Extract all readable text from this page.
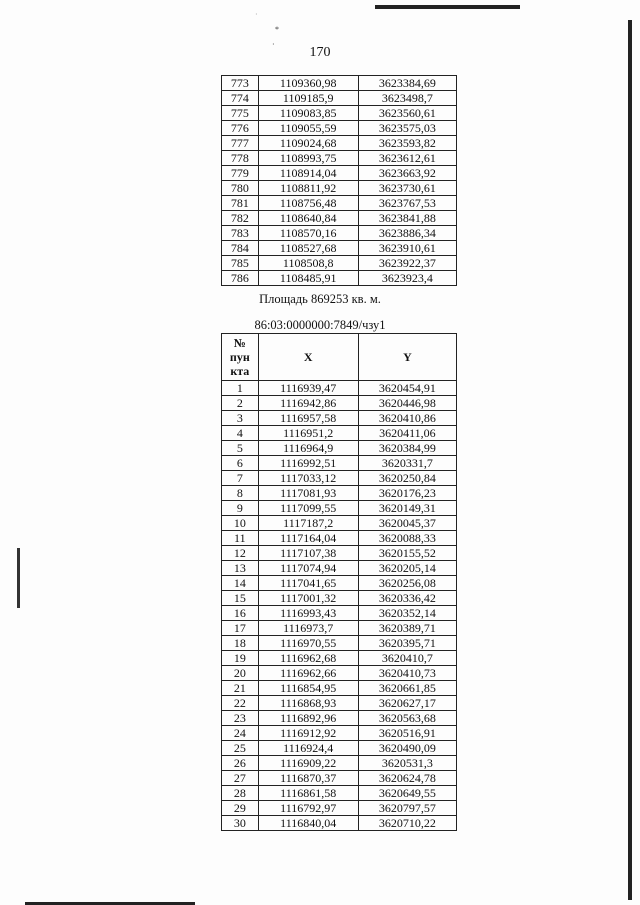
·
*
·
170
773	1109360,98	3623384,69
774	1109185,9	3623498,7
775	1109083,85	3623560,61
776	1109055,59	3623575,03
777	1109024,68	3623593,82
778	1108993,75	3623612,61
779	1108914,04	3623663,92
780	1108811,92	3623730,61
781	1108756,48	3623767,53
782	1108640,84	3623841,88
783	1108570,16	3623886,34
784	1108527,68	3623910,61
785	1108508,8	3623922,37
786	1108485,91	3623923,4
Площадь 869253 кв. м.
86:03:0000000:7849/чзу1
№
пун
кта	X	Y
1	1116939,47	3620454,91
2	1116942,86	3620446,98
3	1116957,58	3620410,86
4	1116951,2	3620411,06
5	1116964,9	3620384,99
6	1116992,51	3620331,7
7	1117033,12	3620250,84
8	1117081,93	3620176,23
9	1117099,55	3620149,31
10	1117187,2	3620045,37
11	1117164,04	3620088,33
12	1117107,38	3620155,52
13	1117074,94	3620205,14
14	1117041,65	3620256,08
15	1117001,32	3620336,42
16	1116993,43	3620352,14
17	1116973,7	3620389,71
18	1116970,55	3620395,71
19	1116962,68	3620410,7
20	1116962,66	3620410,73
21	1116854,95	3620661,85
22	1116868,93	3620627,17
23	1116892,96	3620563,68
24	1116912,92	3620516,91
25	1116924,4	3620490,09
26	1116909,22	3620531,3
27	1116870,37	3620624,78
28	1116861,58	3620649,55
29	1116792,97	3620797,57
30	1116840,04	3620710,22
